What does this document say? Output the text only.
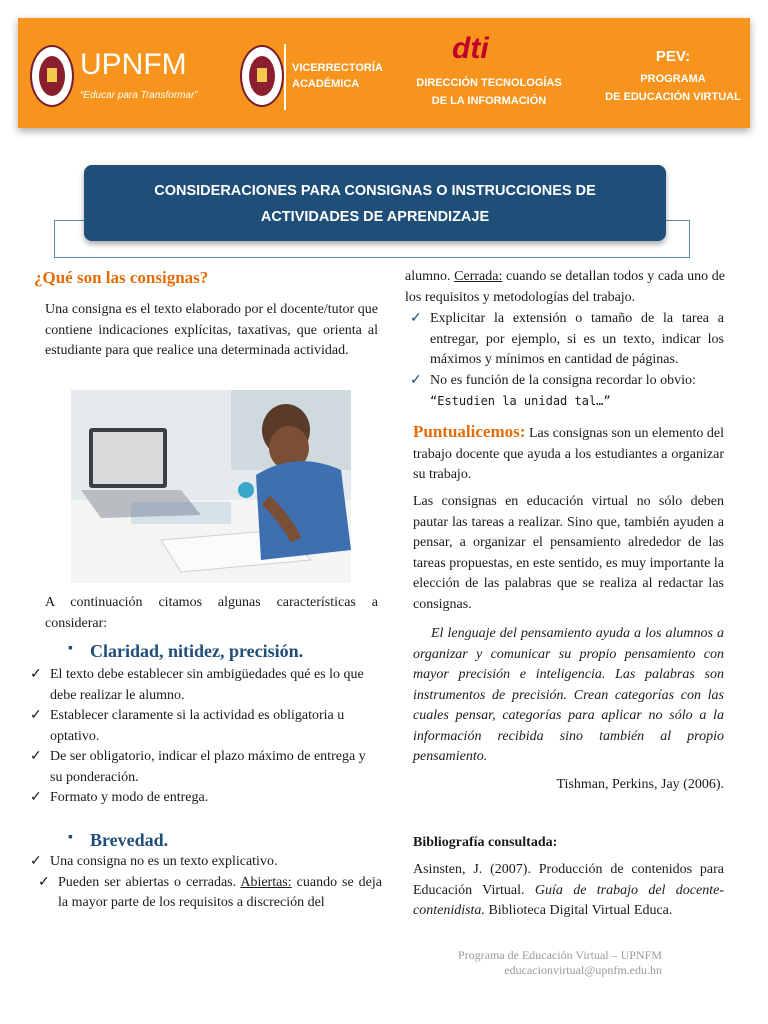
UPNFM
“Educar para Transformar”
VICERRECTORÍA
ACADÉMICA
dti
DIRECCIÓN TECNOLOGÍAS
DE LA INFORMACIÓN
PEV:
PROGRAMA
DE EDUCACIÓN VIRTUAL
CONSIDERACIONES PARA CONSIGNAS O INSTRUCCIONES DE
ACTIVIDADES DE APRENDIZAJE
¿Qué son las consignas?
Una consigna es el texto elaborado por el docente/tutor que contiene indicaciones explícitas, taxativas, que orienta al estudiante para que realice una determinada actividad.
A continuación citamos algunas características a considerar:
▪ Claridad, nitidez, precisión.
✓ El texto debe establecer sin ambigüedades qué es lo que debe realizar le alumno.
✓ Establecer claramente si la actividad es obligatoria u optativo.
✓ De ser obligatorio, indicar el plazo máximo de entrega y su ponderación.
✓ Formato y modo de entrega.
▪ Brevedad.
✓ Una consigna no es un texto explicativo.
✓ Pueden ser abiertas o cerradas. Abiertas: cuando se deja la mayor parte de los requisitos a discreción del
alumno. Cerrada: cuando se detallan todos y cada uno de los requisitos y metodologías del trabajo.
✓ Explicitar la extensión o tamaño de la tarea a entregar, por ejemplo, si es un texto, indicar los máximos y mínimos en cantidad de páginas.
✓ No es función de la consigna recordar lo obvio:
“Estudien la unidad tal…”
Puntualicemos: Las consignas son un elemento del trabajo docente que ayuda a los estudiantes a organizar su trabajo.
Las consignas en educación virtual no sólo deben pautar las tareas a realizar. Sino que, también ayuden a pensar, a organizar el pensamiento alrededor de las tareas propuestas, en este sentido, es muy importante la elección de las palabras que se realiza al redactar las consignas.
El lenguaje del pensamiento ayuda a los alumnos a organizar y comunicar su propio pensamiento con mayor precisión e inteligencia. Las palabras son instrumentos de precisión. Crean categorías con las cuales pensar, categorías para aplicar no sólo a la información recibida sino también al propio pensamiento.
Tishman, Perkins, Jay (2006).
Bibliografía consultada:
Asinsten, J. (2007). Producción de contenidos para Educación Virtual. Guía de trabajo del docente-contenidista. Biblioteca Digital Virtual Educa.
Programa de Educación Virtual – UPNFM
educacionvirtual@upnfm.edu.hn
